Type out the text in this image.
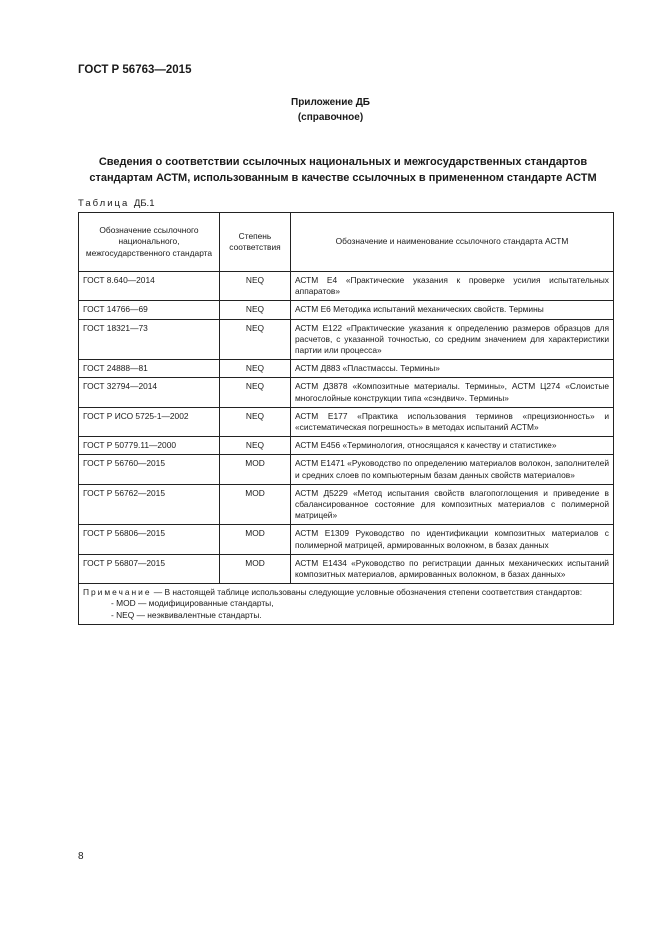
ГОСТ Р 56763—2015
Приложение ДБ
(справочное)
Сведения о соответствии ссылочных национальных и межгосударственных стандартов
стандартам АСТМ, использованным в качестве ссылочных в примененном стандарте АСТМ
Таблица ДБ.1
Обозначение ссылочного национального, межгосударственного стандарта	Степень соответствия	Обозначение и наименование ссылочного стандарта АСТМ
ГОСТ 8.640—2014	NEQ	АСТМ Е4 «Практические указания к проверке усилия испытательных аппаратов»
ГОСТ 14766—69	NEQ	АСТМ Е6 Методика испытаний механических свойств. Термины
ГОСТ 18321—73	NEQ	АСТМ Е122 «Практические указания к определению размеров образцов для расчетов, с указанной точностью, со средним значением для характеристики партии или процесса»
ГОСТ 24888—81	NEQ	АСТМ Д883 «Пластмассы. Термины»
ГОСТ 32794—2014	NEQ	АСТМ Д3878 «Композитные материалы. Термины», АСТМ Ц274 «Слоистые многослойные конструкции типа «сэндвич». Термины»
ГОСТ Р ИСО 5725-1—2002	NEQ	АСТМ Е177 «Практика использования терминов «прецизионность» и «систематическая погрешность» в методах испытаний АСТМ»
ГОСТ Р 50779.11—2000	NEQ	АСТМ Е456 «Терминология, относящаяся к качеству и статистике»
ГОСТ Р 56760—2015	MOD	АСТМ Е1471 «Руководство по определению материалов волокон, заполнителей и средних слоев по компьютерным базам данных свойств материалов»
ГОСТ Р 56762—2015	MOD	АСТМ Д5229 «Метод испытания свойств влагопоглощения и приведение в сбалансированное состояние для композитных материалов с полимерной матрицей»
ГОСТ Р 56806—2015	MOD	АСТМ Е1309 Руководство по идентификации композитных материалов с полимерной матрицей, армированных волокном, в базах данных
ГОСТ Р 56807—2015	MOD	АСТМ Е1434 «Руководство по регистрации данных механических испытаний композитных материалов, армированных волокном, в базах данных»

Примечание — В настоящей таблице использованы следующие условные обозначения степени соответствия стандартов:
- MOD — модифицированные стандарты,
- NEQ — неэквивалентные стандарты.		
8
